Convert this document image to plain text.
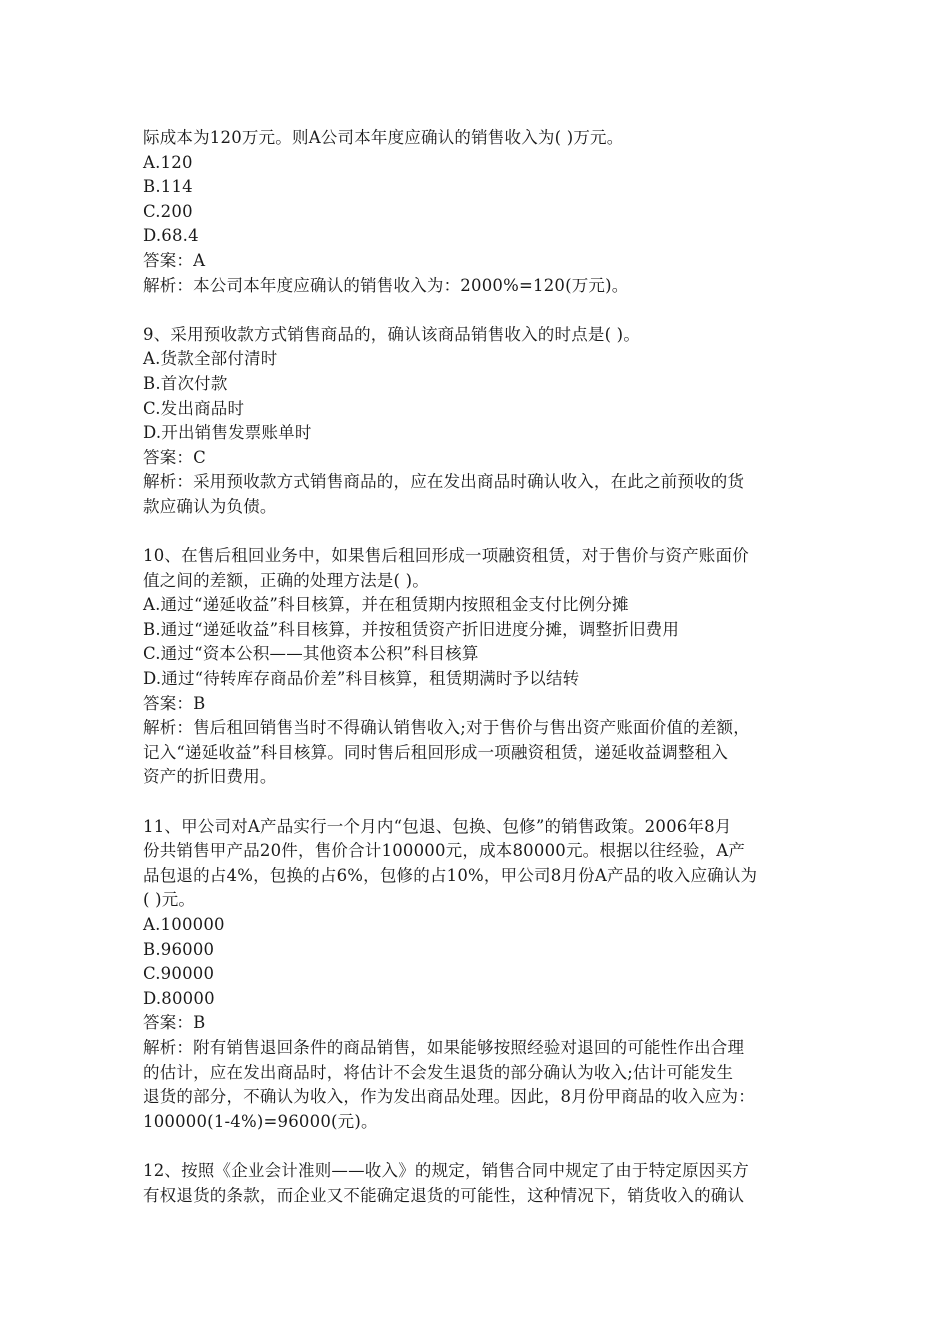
际成本为120万元。则A公司本年度应确认的销售收入为( )万元。
A.120
B.114
C.200
D.68.4
答案：A
解析：本公司本年度应确认的销售收入为：2000%=120(万元)。
9、采用预收款方式销售商品的，确认该商品销售收入的时点是( )。
A.货款全部付清时
B.首次付款
C.发出商品时
D.开出销售发票账单时
答案：C
解析：采用预收款方式销售商品的，应在发出商品时确认收入，在此之前预收的货
款应确认为负债。
10、在售后租回业务中，如果售后租回形成一项融资租赁，对于售价与资产账面价
值之间的差额，正确的处理方法是( )。
A.通过“递延收益”科目核算，并在租赁期内按照租金支付比例分摊
B.通过“递延收益”科目核算，并按租赁资产折旧进度分摊，调整折旧费用
C.通过“资本公积——其他资本公积”科目核算
D.通过“待转库存商品价差”科目核算，租赁期满时予以结转
答案：B
解析：售后租回销售当时不得确认销售收入;对于售价与售出资产账面价值的差额，
记入“递延收益”科目核算。同时售后租回形成一项融资租赁，递延收益调整租入
资产的折旧费用。
11、甲公司对A产品实行一个月内“包退、包换、包修”的销售政策。2006年8月
份共销售甲产品20件，售价合计100000元，成本80000元。根据以往经验，A产
品包退的占4%，包换的占6%，包修的占10%，甲公司8月份A产品的收入应确认为
( )元。
A.100000
B.96000
C.90000
D.80000
答案：B
解析：附有销售退回条件的商品销售，如果能够按照经验对退回的可能性作出合理
的估计，应在发出商品时，将估计不会发生退货的部分确认为收入;估计可能发生
退货的部分，不确认为收入，作为发出商品处理。因此，8月份甲商品的收入应为：
100000(1-4%)=96000(元)。
12、按照《企业会计准则——收入》的规定，销售合同中规定了由于特定原因买方
有权退货的条款，而企业又不能确定退货的可能性，这种情况下，销货收入的确认
